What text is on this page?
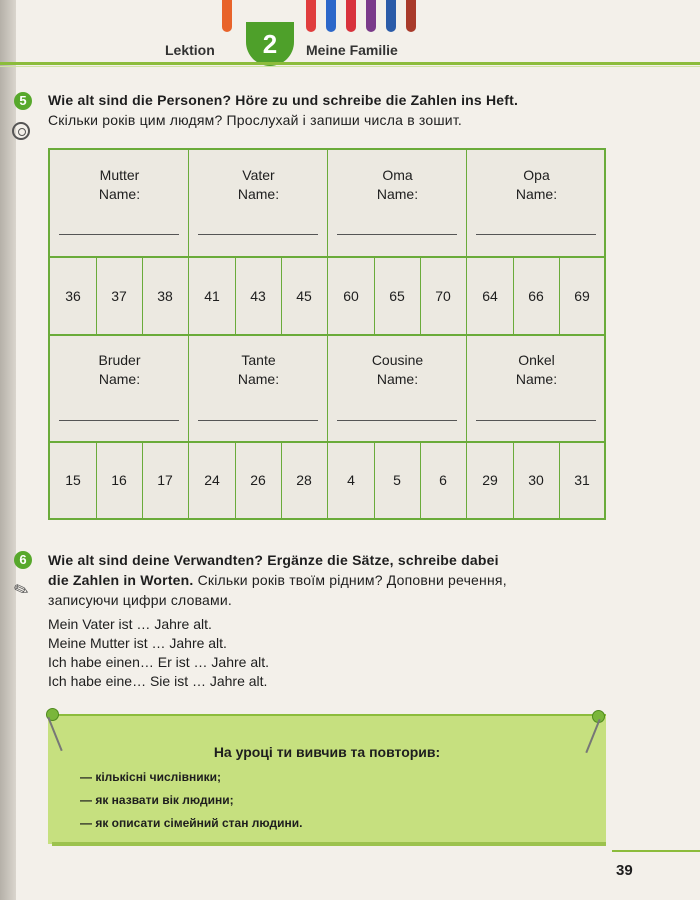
Lektion	2	Meine Familie
5	Wie alt sind die Personen? Höre zu und schreibe die Zahlen ins Heft.
Скільки років цим людям? Прослухай і запиши числа в зошит.
Mutter
Name:
Vater
Name:
Oma
Name:
Opa
Name:
36	37	38	41	43	45	60	65	70	64	66	69
Bruder
Name:
Tante
Name:
Cousine
Name:
Onkel
Name:
15	16	17	24	26	28	4	5	6	29	30	31
6	Wie alt sind deine Verwandten? Ergänze die Sätze, schreibe dabei
die Zahlen in Worten. Скільки років твоїм рідним? Доповни речення,
записуючи цифри словами.
✎
Mein Vater ist … Jahre alt.
Meine Mutter ist … Jahre alt.
Ich habe einen… Er ist … Jahre alt.
Ich habe eine… Sie ist … Jahre alt.
На уроці ти вивчив та повторив:
— кількісні числівники;
— як назвати вік людини;
— як описати сімейний стан людини.
39
